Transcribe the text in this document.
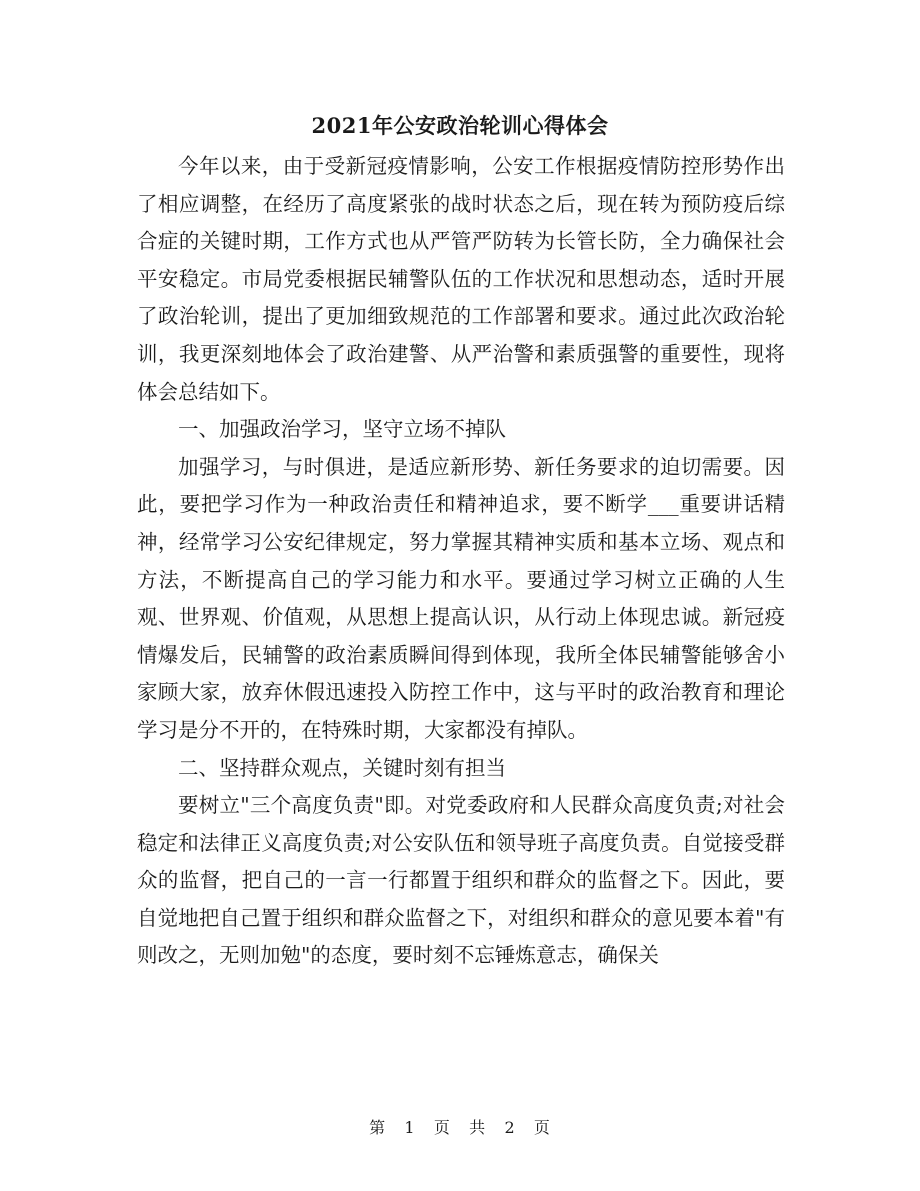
2021年公安政治轮训心得体会

今年以来，由于受新冠疫情影响，公安工作根据疫情防控形势作出了相应调整，在经历了高度紧张的战时状态之后，现在转为预防疫后综合症的关键时期，工作方式也从严管严防转为长管长防，全力确保社会平安稳定。市局党委根据民辅警队伍的工作状况和思想动态，适时开展了政治轮训，提出了更加细致规范的工作部署和要求。通过此次政治轮训，我更深刻地体会了政治建警、从严治警和素质强警的重要性，现将体会总结如下。

一、加强政治学习，坚守立场不掉队

加强学习，与时俱进，是适应新形势、新任务要求的迫切需要。因此，要把学习作为一种政治责任和精神追求，要不断学___重要讲话精神，经常学习公安纪律规定，努力掌握其精神实质和基本立场、观点和方法，不断提高自己的学习能力和水平。要通过学习树立正确的人生观、世界观、价值观，从思想上提高认识，从行动上体现忠诚。新冠疫情爆发后，民辅警的政治素质瞬间得到体现，我所全体民辅警能够舍小家顾大家，放弃休假迅速投入防控工作中，这与平时的政治教育和理论学习是分不开的，在特殊时期，大家都没有掉队。

二、坚持群众观点，关键时刻有担当

要树立"三个高度负责"即。对党委政府和人民群众高度负责;对社会稳定和法律正义高度负责;对公安队伍和领导班子高度负责。自觉接受群众的监督，把自己的一言一行都置于组织和群众的监督之下。因此，要自觉地把自己置于组织和群众监督之下，对组织和群众的意见要本着"有则改之，无则加勉"的态度，要时刻不忘锤炼意志，确保关

第 1 页 共 2 页
